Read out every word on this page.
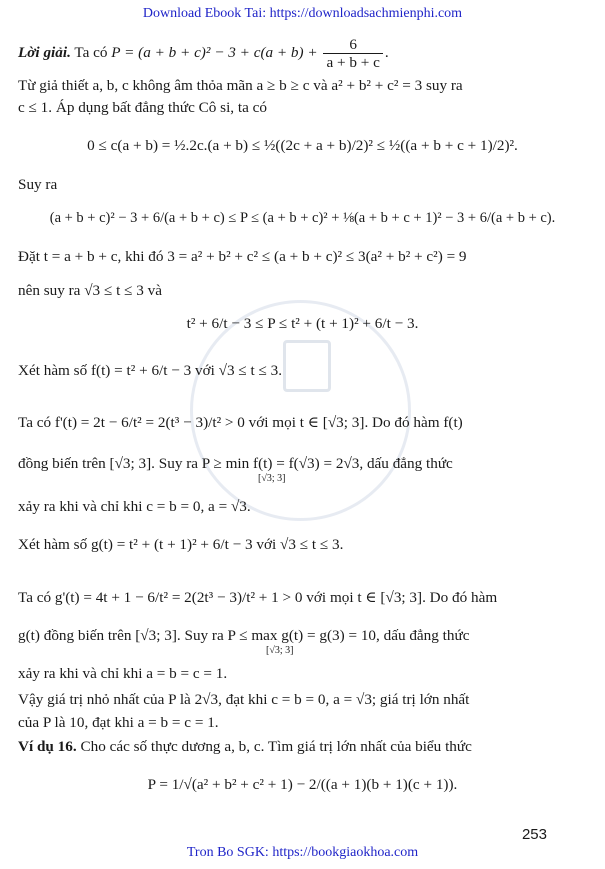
Download Ebook Tai: https://downloadsachmienphi.com
Lời giải. Ta có $P = (a + b + c)^2 - 3 + c(a + b) + \frac{6}{a + b + c}$ .
Từ giả thiết a, b, c không âm thỏa mãn a ≥ b ≥ c và a² + b² + c² = 3 suy ra
c ≤ 1. Áp dụng bất đẳng thức Cô si, ta có
0 ≤ c(a + b) = ½.2c.(a + b) ≤ ½((2c + a + b)/2)² ≤ ½((a + b + c + 1)/2)².
Suy ra
(a + b + c)² − 3 + 6/(a + b + c) ≤ P ≤ (a + b + c)² + ⅛(a + b + c + 1)² − 3 + 6/(a + b + c).
Đặt t = a + b + c, khi đó 3 = a² + b² + c² ≤ (a + b + c)² ≤ 3(a² + b² + c²) = 9
nên suy ra √3 ≤ t ≤ 3 và
t² + 6/t − 3 ≤ P ≤ t² + (t + 1)² + 6/t − 3.
Xét hàm số f(t) = t² + 6/t − 3 với √3 ≤ t ≤ 3.
Ta có f'(t) = 2t − 6/t² = 2(t³ − 3)/t² > 0 với mọi t ∈ [√3; 3]. Do đó hàm f(t)
đồng biến trên [√3; 3]. Suy ra P ≥ min f(t) = f(√3) = 2√3, dấu đẳng thức
[√3; 3]
xảy ra khi và chỉ khi c = b = 0, a = √3.
Xét hàm số g(t) = t² + (t + 1)² + 6/t − 3 với √3 ≤ t ≤ 3.
Ta có g'(t) = 4t + 1 − 6/t² = 2(2t³ − 3)/t² + 1 > 0 với mọi t ∈ [√3; 3]. Do đó hàm
g(t) đồng biến trên [√3; 3]. Suy ra P ≤ max g(t) = g(3) = 10, dấu đẳng thức
[√3; 3]
xảy ra khi và chỉ khi a = b = c = 1.
Vậy giá trị nhỏ nhất của P là 2√3, đạt khi c = b = 0, a = √3; giá trị lớn nhất
của P là 10, đạt khi a = b = c = 1.
Ví dụ 16. Cho các số thực dương a, b, c. Tìm giá trị lớn nhất của biểu thức
P = 1/√(a² + b² + c² + 1) − 2/((a + 1)(b + 1)(c + 1)).
253
Tron Bo SGK: https://bookgiaokhoa.com
